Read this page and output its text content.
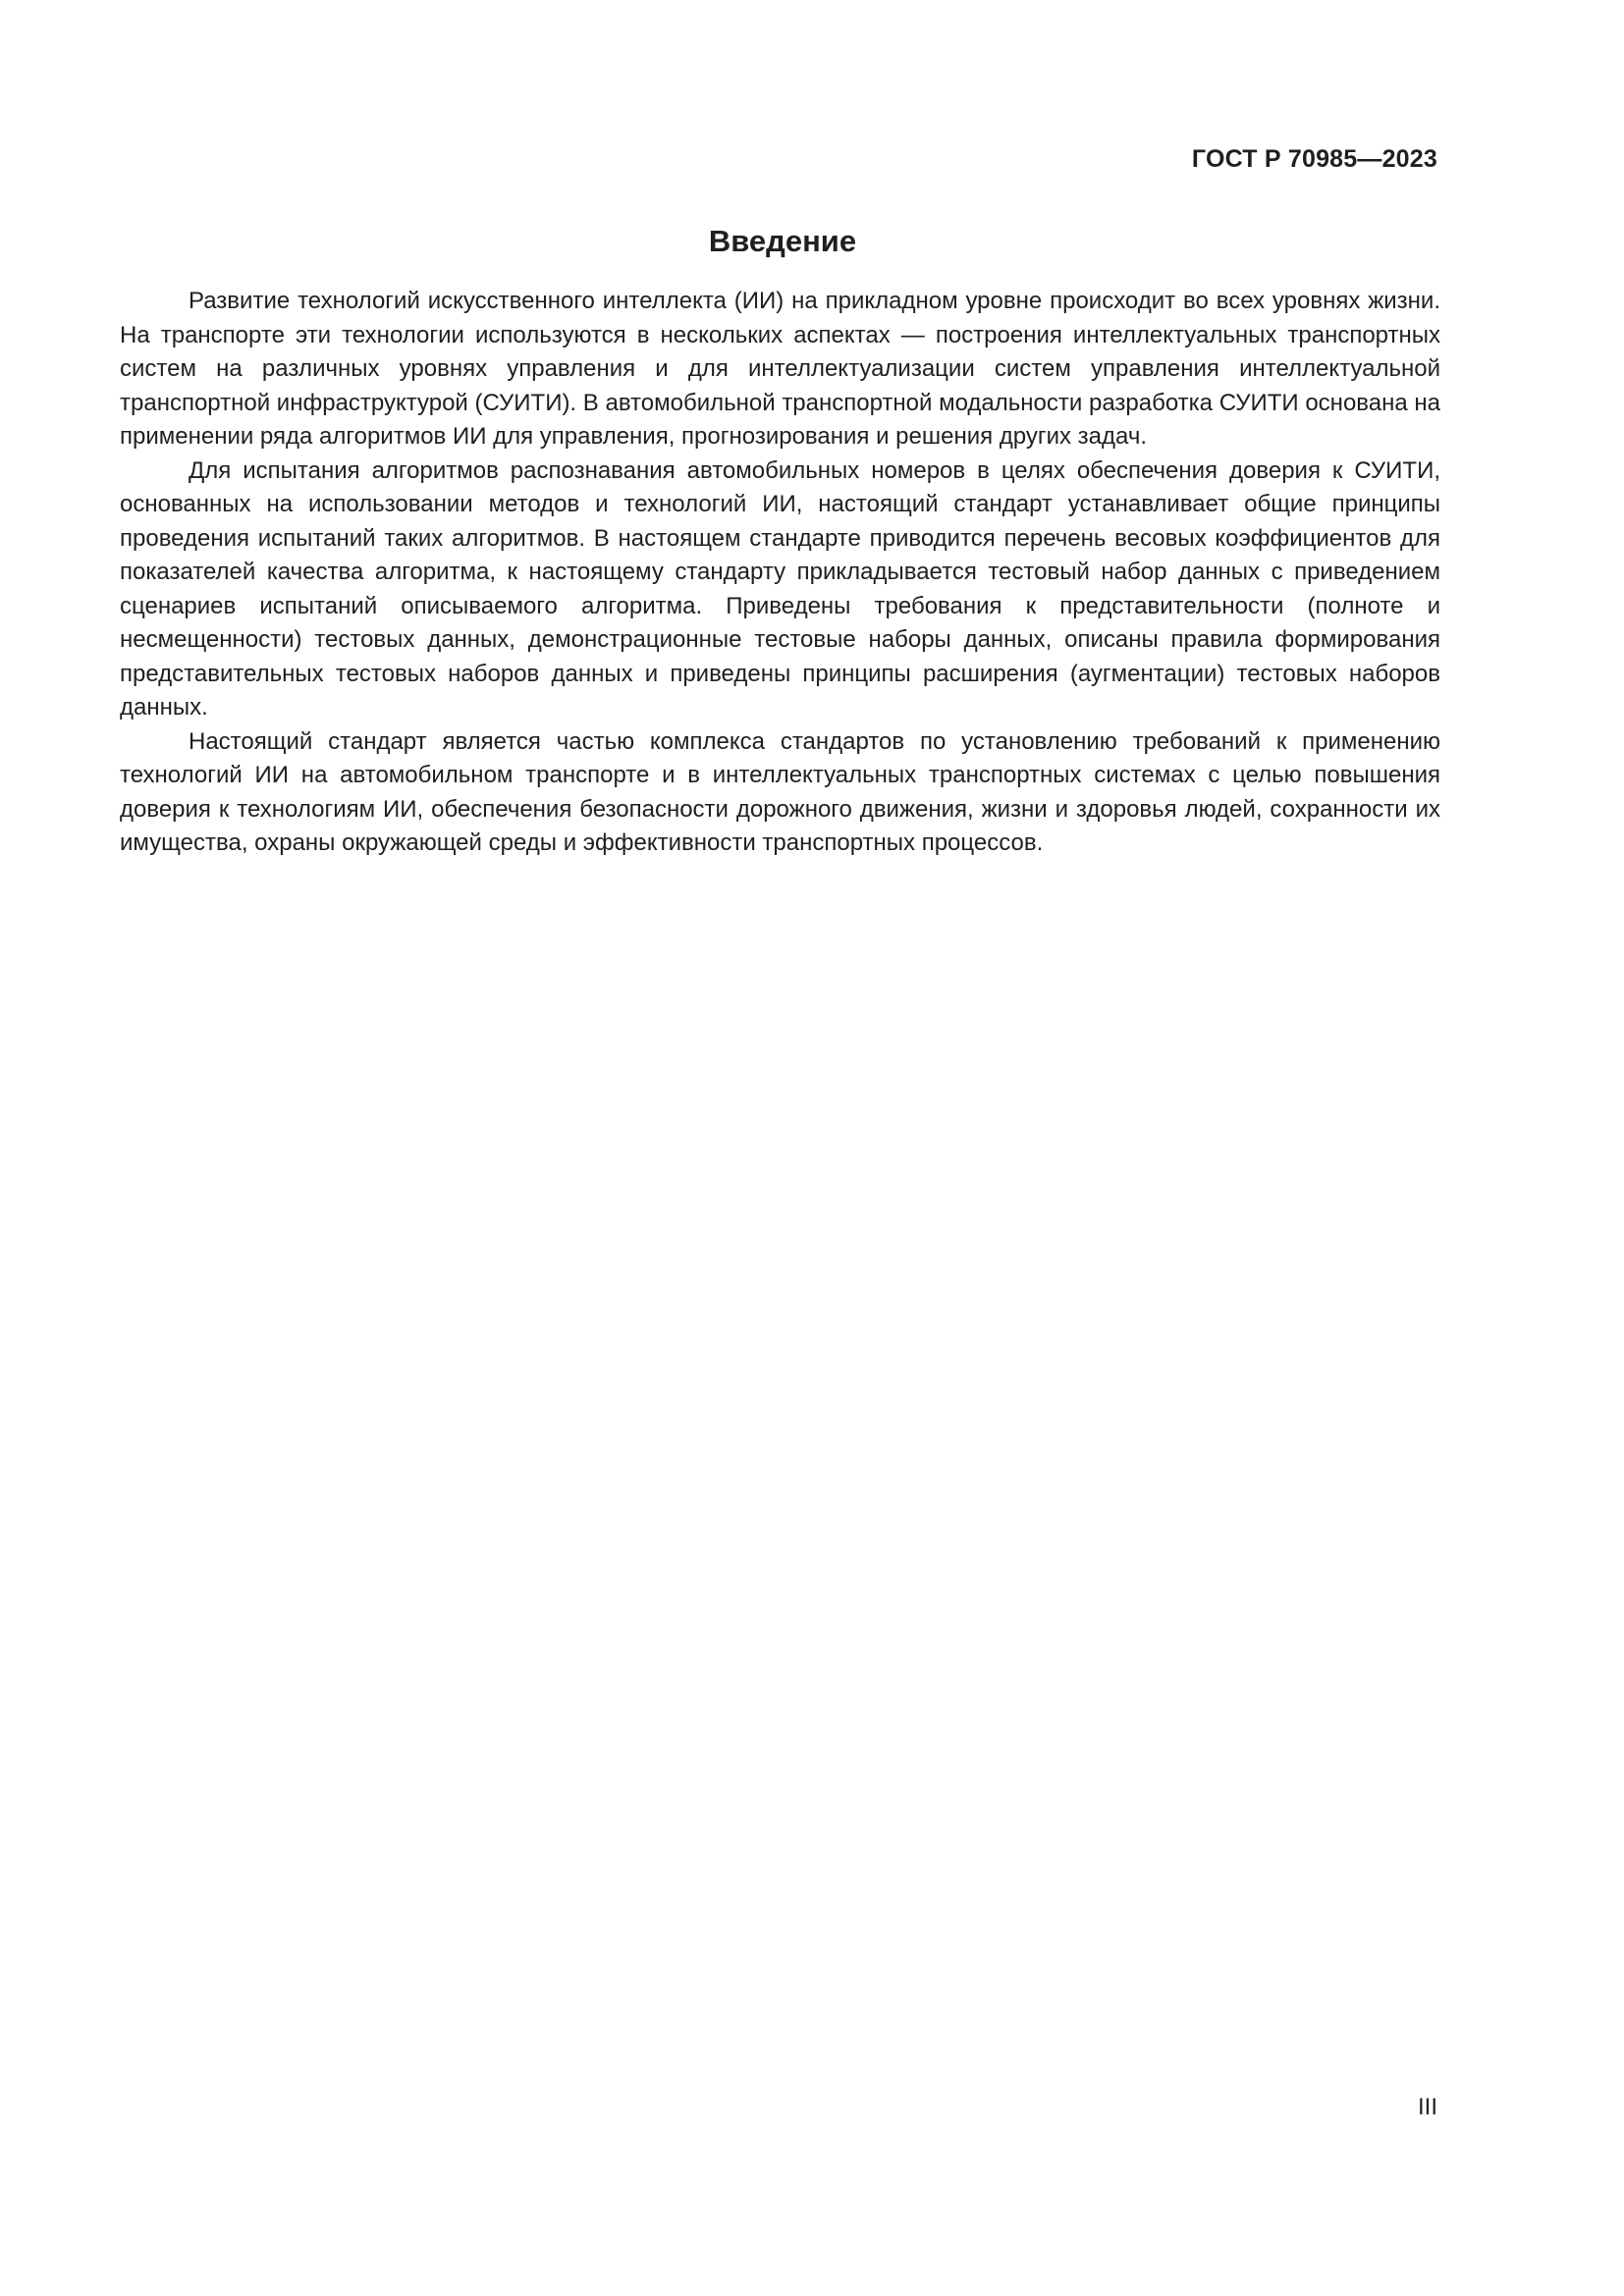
ГОСТ Р 70985—2023
Введение

Развитие технологий искусственного интеллекта (ИИ) на прикладном уровне происходит во всех уровнях жизни. На транспорте эти технологии используются в нескольких аспектах — построения интеллектуальных транспортных систем на различных уровнях управления и для интеллектуализации систем управления интеллектуальной транспортной инфраструктурой (СУИТИ). В автомобильной транспортной модальности разработка СУИТИ основана на применении ряда алгоритмов ИИ для управления, прогнозирования и решения других задач.

Для испытания алгоритмов распознавания автомобильных номеров в целях обеспечения доверия к СУИТИ, основанных на использовании методов и технологий ИИ, настоящий стандарт устанавливает общие принципы проведения испытаний таких алгоритмов. В настоящем стандарте приводится перечень весовых коэффициентов для показателей качества алгоритма, к настоящему стандарту прикладывается тестовый набор данных с приведением сценариев испытаний описываемого алгоритма. Приведены требования к представительности (полноте и несмещенности) тестовых данных, демонстрационные тестовые наборы данных, описаны правила формирования представительных тестовых наборов данных и приведены принципы расширения (аугментации) тестовых наборов данных.

Настоящий стандарт является частью комплекса стандартов по установлению требований к применению технологий ИИ на автомобильном транспорте и в интеллектуальных транспортных системах с целью повышения доверия к технологиям ИИ, обеспечения безопасности дорожного движения, жизни и здоровья людей, сохранности их имущества, охраны окружающей среды и эффективности транспортных процессов.

III
